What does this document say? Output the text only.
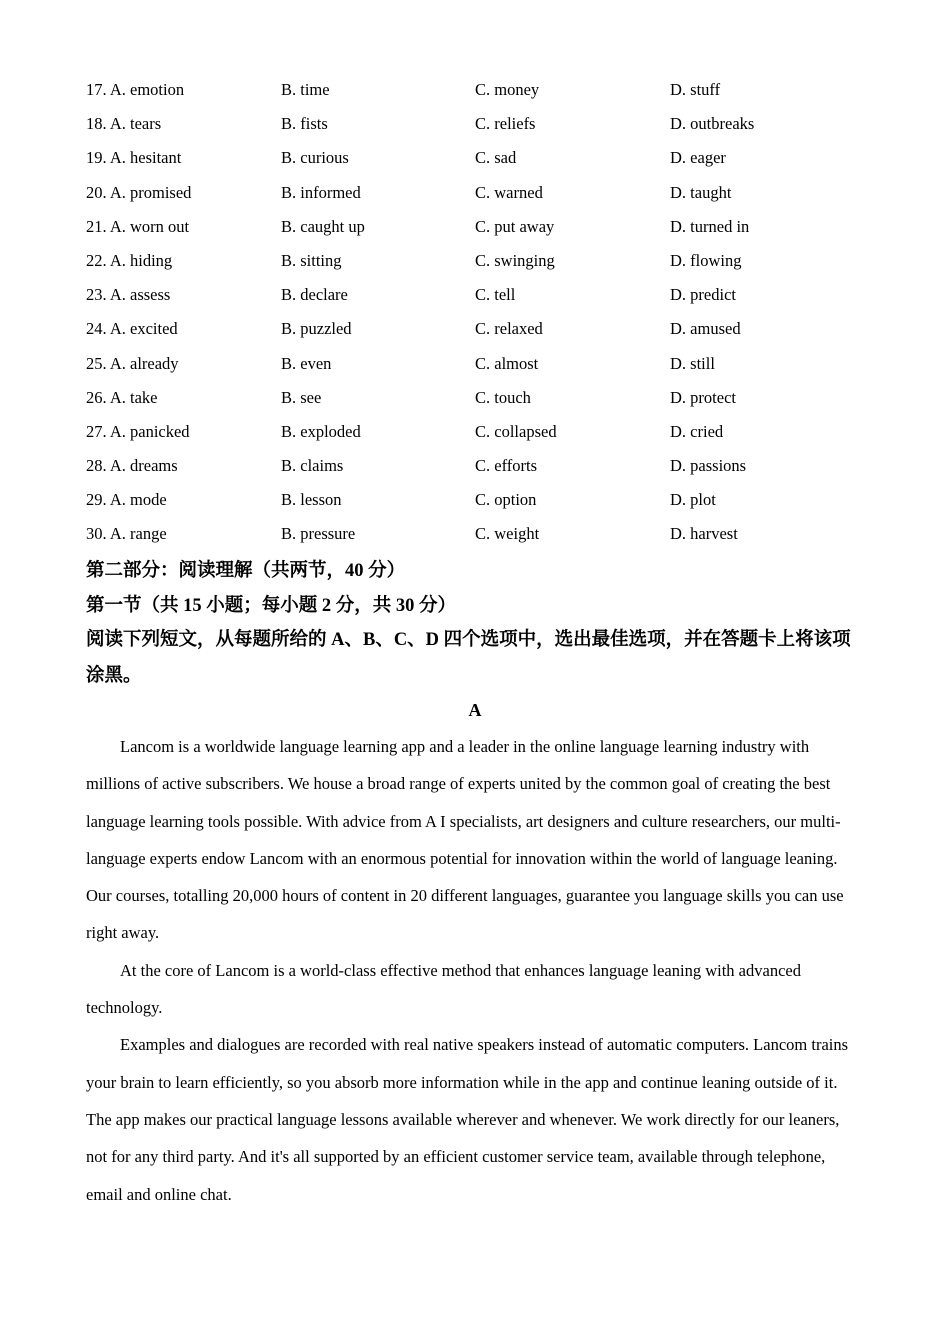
17. A. emotion	B. time	C. money	D. stuff
18. A. tears	B. fists	C. reliefs	D. outbreaks
19. A. hesitant	B. curious	C. sad	D. eager
20. A. promised	B. informed	C. warned	D. taught
21. A. worn out	B. caught up	C. put away	D. turned in
22. A. hiding	B. sitting	C. swinging	D. flowing
23. A. assess	B. declare	C. tell	D. predict
24. A. excited	B. puzzled	C. relaxed	D. amused
25. A. already	B. even	C. almost	D. still
26. A. take	B. see	C. touch	D. protect
27. A. panicked	B. exploded	C. collapsed	D. cried
28. A. dreams	B. claims	C. efforts	D. passions
29. A. mode	B. lesson	C. option	D. plot
30. A. range	B. pressure	C. weight	D. harvest
第二部分：阅读理解（共两节，40 分）
第一节（共 15 小题；每小题 2 分，共 30 分）
阅读下列短文，从每题所给的 A、B、C、D 四个选项中，选出最佳选项，并在答题卡上将该项涂黑。
A

Lancom is a worldwide language learning app and a leader in the online language learning industry with millions of active subscribers. We house a broad range of experts united by the common goal of creating the best language learning tools possible. With advice from A I specialists, art designers and culture researchers, our multi-language experts endow Lancom with an enormous potential for innovation within the world of language leaning. Our courses, totalling 20,000 hours of content in 20 different languages, guarantee you language skills you can use right away.

At the core of Lancom is a world-class effective method that enhances language leaning with advanced technology.

Examples and dialogues are recorded with real native speakers instead of automatic computers. Lancom trains your brain to learn efficiently, so you absorb more information while in the app and continue leaning outside of it. The app makes our practical language lessons available wherever and whenever. We work directly for our leaners, not for any third party. And it's all supported by an efficient customer service team, available through telephone, email and online chat.
